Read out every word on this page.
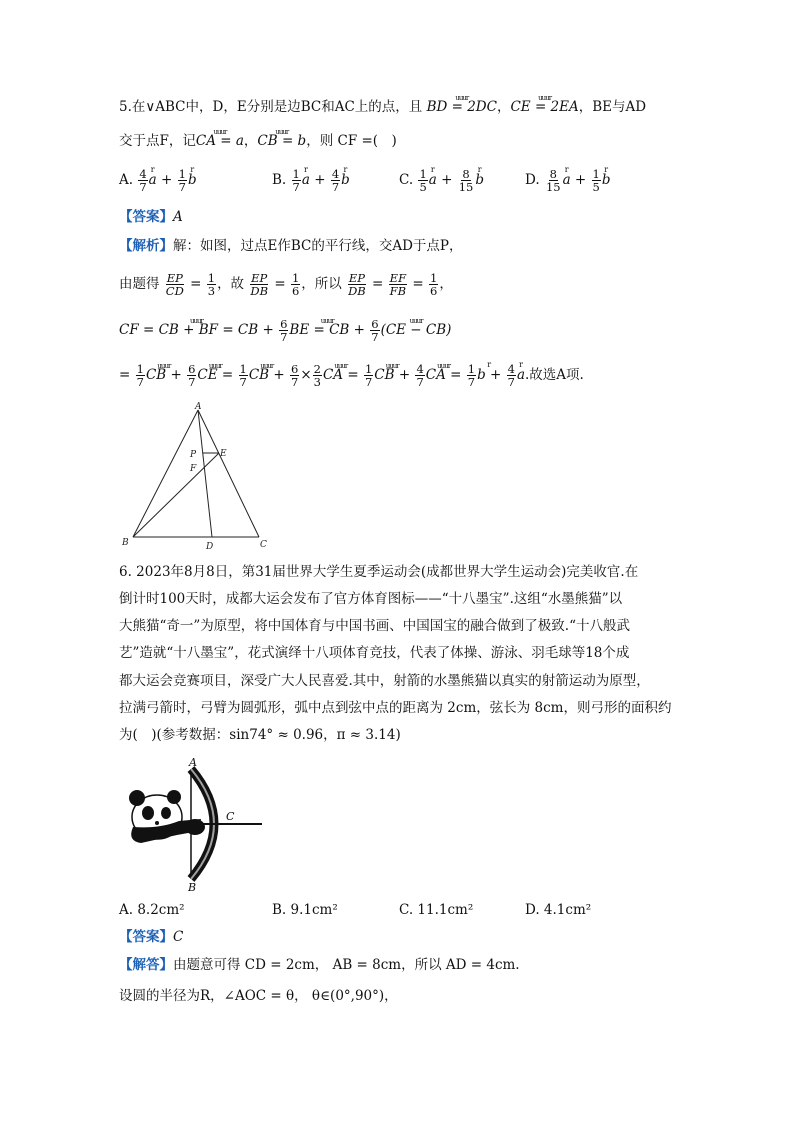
5.在∨ABC中，D，E分别是边BC和AC上的点，且 uuur BD = 2DC，uuur CE = 2EA，BE与AD
交于点F，记uuur CA = a，uuur CB = b，则 CF =(　)
A. $\frac{4}{7}$ r $a + \frac{1}{7}$ r b	B. $\frac{1}{7}$ r $a + \frac{4}{7}$ r b	C. $\frac{1}{5}$ r $a + \frac{8}{15}$ r b	D. $\frac{8}{15}$ r $a + \frac{1}{5}$ r b
【答案】A
【解析】解：如图，过点E作BC的平行线，交AD于点P，
由题得 $\frac{EP}{CD} = \frac{1}{3}$ ，故 $\frac{EP}{DB} = \frac{1}{6}$ ，所以 $\frac{EP}{DB} = \frac{EF}{FB} = \frac{1}{6}$ ，
uuur CF = CB + BF = CB + $\frac{6}{7}$ uuur BE = CB + $\frac{6}{7}$ uuur (CE − CB)
= $\frac{1}{7}$ uuur CB + $\frac{6}{7}$ uuur CE = $\frac{1}{7}$ uuur CB + $\frac{6}{7} \times \frac{2}{3}$ uuur CA = $\frac{1}{7}$ uuur CB + $\frac{4}{7}$ uuur CA = $\frac{1}{7}$ r $b + \frac{4}{7}$ r a.故选A项.
A
B	C
D
E
F
P
6. 2023年8月8日，第31届世界大学生夏季运动会(成都世界大学生运动会)完美收官.在
倒计时100天时，成都大运会发布了官方体育图标——“十八墨宝”.这组“水墨熊猫”以
大熊猫“奇一”为原型，将中国体育与中国书画、中国国宝的融合做到了极致.“十八般武
艺”造就“十八墨宝”，花式演绎十八项体育竞技，代表了体操、游泳、羽毛球等18个成
都大运会竞赛项目，深受广大人民喜爱.其中，射箭的水墨熊猫以真实的射箭运动为原型，
拉满弓箭时，弓臂为圆弧形，弧中点到弦中点的距离为 2cm，弦长为 8cm，则弓形的面积约
为(　)(参考数据：sin74° ≈ 0.96，π ≈ 3.14)
A
C
B
A. 8.2cm²	B. 9.1cm²	C. 11.1cm²	D. 4.1cm²
【答案】C
【解答】由题意可得 CD = 2cm， AB = 8cm，所以 AD = 4cm.
设圆的半径为R，∠AOC = θ， θ∈(0°,90°)，
